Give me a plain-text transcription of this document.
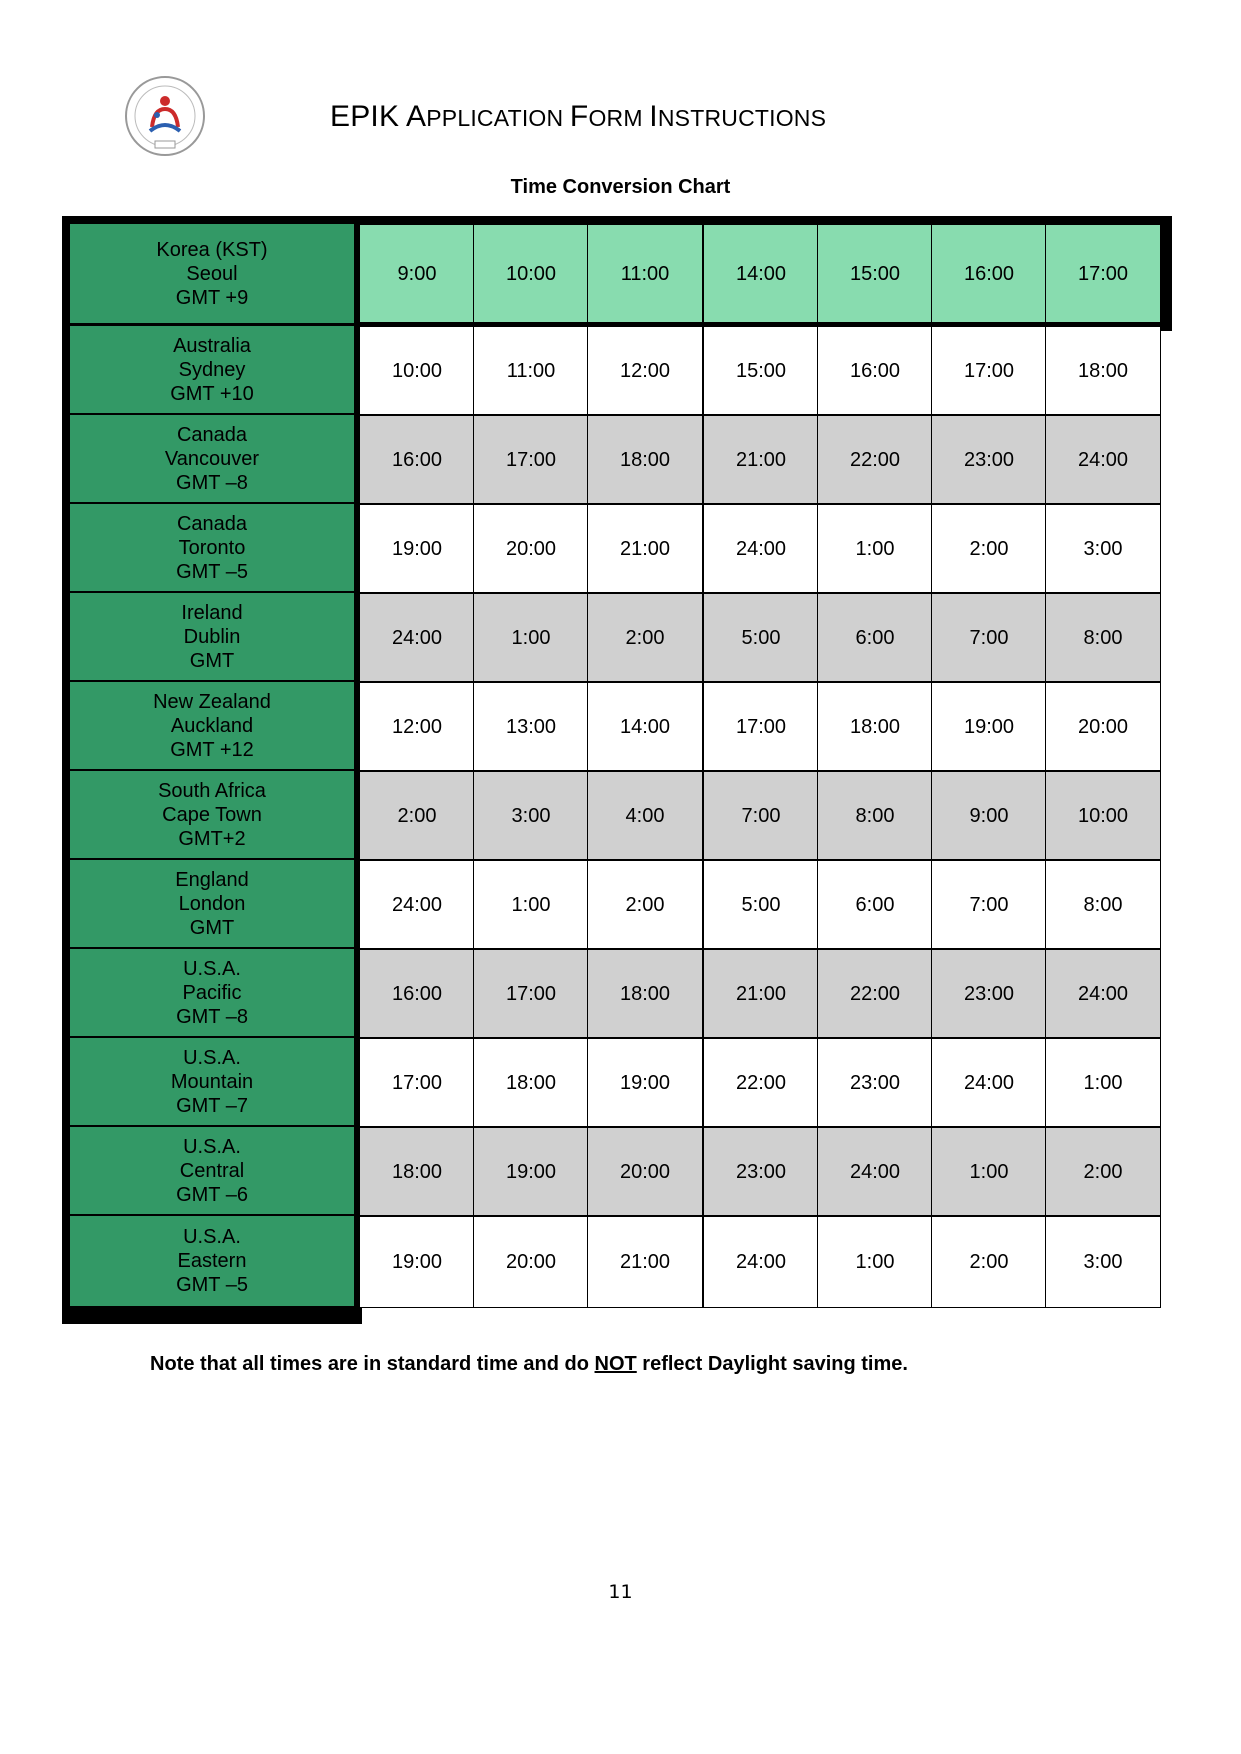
EPIK APPLICATION FORM INSTRUCTIONS
Time Conversion Chart
Korea (KST)
Seoul
GMT +9
9:00	10:00	11:00	14:00	15:00	16:00	17:00
Australia
Sydney
GMT +10
10:00	11:00	12:00	15:00	16:00	17:00	18:00
Canada
Vancouver
GMT –8
16:00	17:00	18:00	21:00	22:00	23:00	24:00
Canada
Toronto
GMT –5
19:00	20:00	21:00	24:00	1:00	2:00	3:00
Ireland
Dublin
GMT
24:00	1:00	2:00	5:00	6:00	7:00	8:00
New Zealand
Auckland
GMT +12
12:00	13:00	14:00	17:00	18:00	19:00	20:00
South Africa
Cape Town
GMT+2
2:00	3:00	4:00	7:00	8:00	9:00	10:00
England
London
GMT
24:00	1:00	2:00	5:00	6:00	7:00	8:00
U.S.A.
Pacific
GMT –8
16:00	17:00	18:00	21:00	22:00	23:00	24:00
U.S.A.
Mountain
GMT –7
17:00	18:00	19:00	22:00	23:00	24:00	1:00
U.S.A.
Central
GMT –6
18:00	19:00	20:00	23:00	24:00	1:00	2:00
U.S.A.
Eastern
GMT –5
19:00	20:00	21:00	24:00	1:00	2:00	3:00
Note that all times are in standard time and do NOT reflect Daylight saving time.
11
